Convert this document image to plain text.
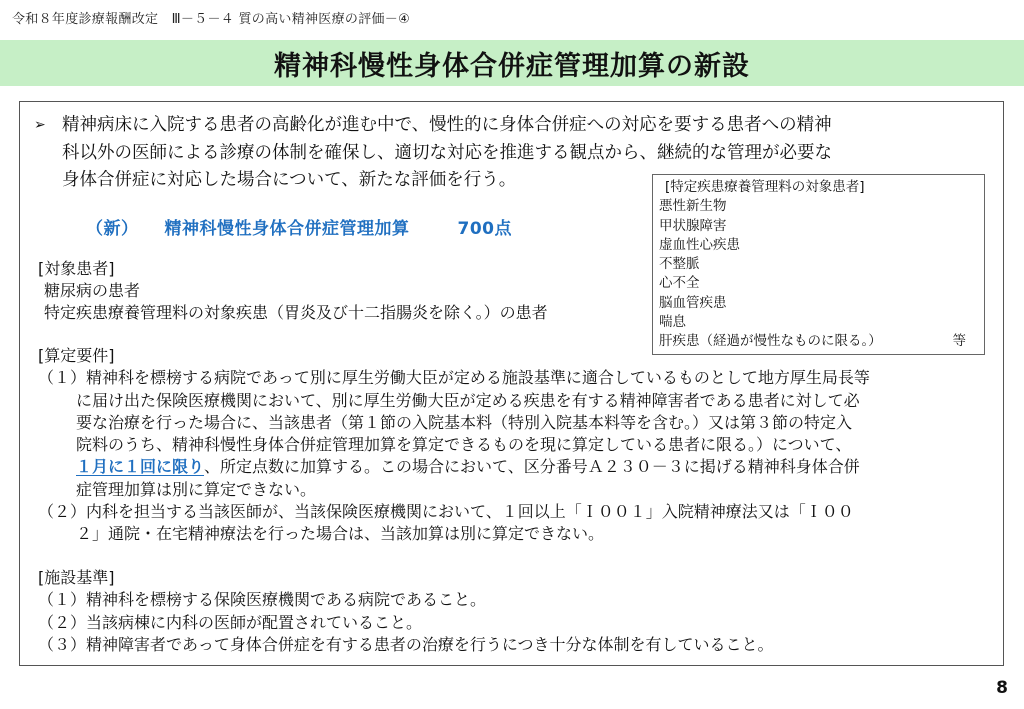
令和８年度診療報酬改定　Ⅲ－５－４ 質の高い精神医療の評価－④
精神科慢性身体合併症管理加算の新設
➢ 精神病床に入院する患者の高齢化が進む中で、慢性的に身体合併症への対応を要する患者への精神
科以外の医師による診療の体制を確保し、適切な対応を推進する観点から、継続的な管理が必要な
身体合併症に対応した場合について、新たな評価を行う。
（新） 精神科慢性身体合併症管理加算	700点
[対象患者]
糖尿病の患者
特定疾患療養管理料の対象疾患（胃炎及び十二指腸炎を除く。）の患者
[特定疾患療養管理料の対象患者]
悪性新生物
甲状腺障害
虚血性心疾患
不整脈
心不全
脳血管疾患
喘息
肝疾患（経過が慢性なものに限る。）	等
[算定要件]
（１）精神科を標榜する病院であって別に厚生労働大臣が定める施設基準に適合しているものとして地方厚生局長等
に届け出た保険医療機関において、別に厚生労働大臣が定める疾患を有する精神障害者である患者に対して必
要な治療を行った場合に、当該患者（第１節の入院基本料（特別入院基本料等を含む。）又は第３節の特定入
院料のうち、精神科慢性身体合併症管理加算を算定できるものを現に算定している患者に限る。）について、
１月に１回に限り、所定点数に加算する。この場合において、区分番号Ａ２３０－３に掲げる精神科身体合併
症管理加算は別に算定できない。
（２）内科を担当する当該医師が、当該保険医療機関において、１回以上「Ｉ００１」入院精神療法又は「Ｉ００
２」通院・在宅精神療法を行った場合は、当該加算は別に算定できない。
[施設基準]
（１）精神科を標榜する保険医療機関である病院であること。
（２）当該病棟に内科の医師が配置されていること。
（３）精神障害者であって身体合併症を有する患者の治療を行うにつき十分な体制を有していること。
8
